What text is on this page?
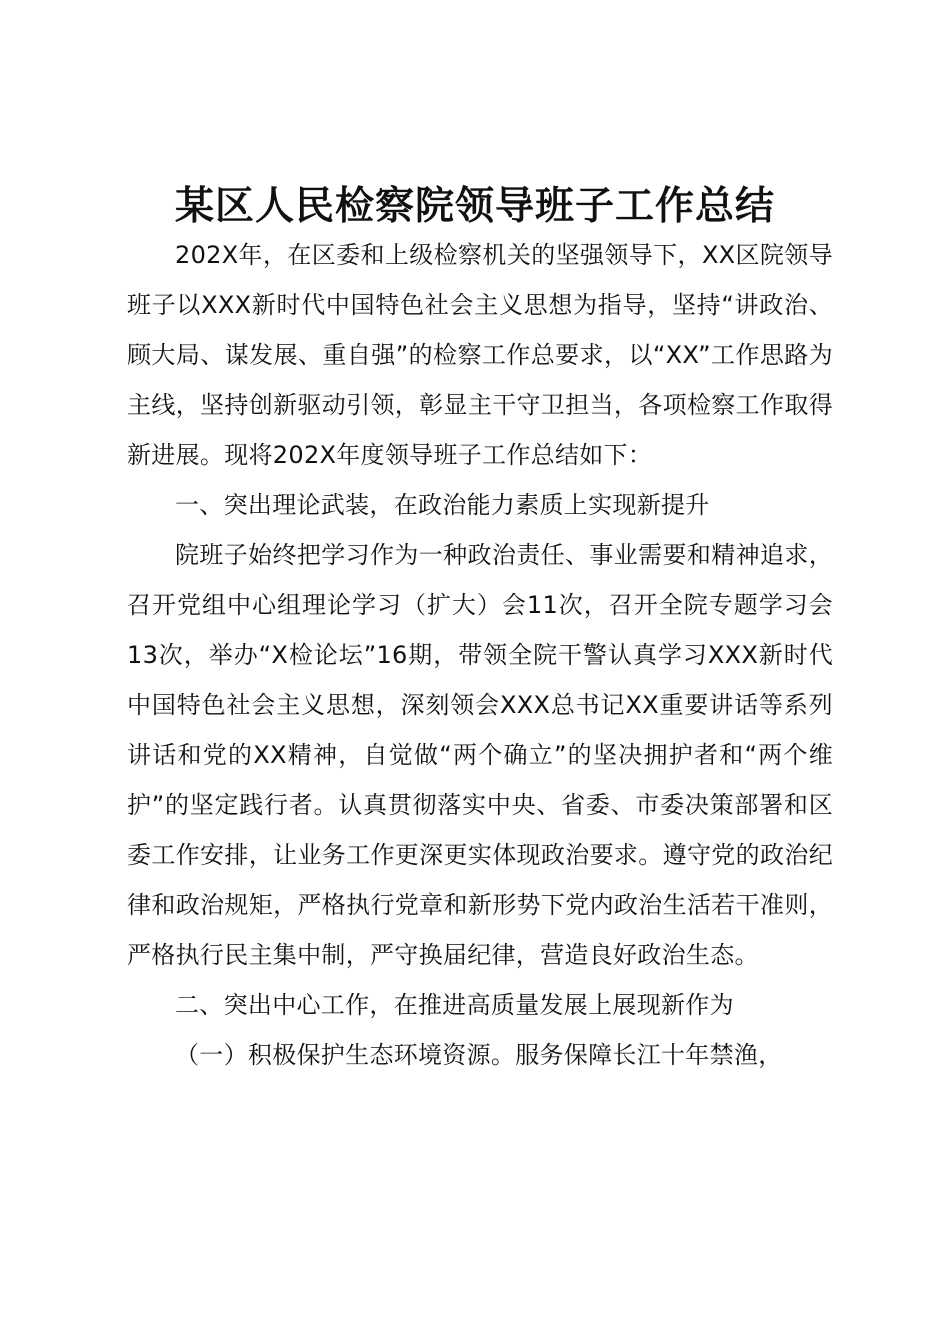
某区人民检察院领导班子工作总结

202X年，在区委和上级检察机关的坚强领导下，XX区院领导班子以XXX新时代中国特色社会主义思想为指导，坚持“讲政治、顾大局、谋发展、重自强”的检察工作总要求，以“XX”工作思路为主线，坚持创新驱动引领，彰显主干守卫担当，各项检察工作取得新进展。现将202X年度领导班子工作总结如下：

一、突出理论武装，在政治能力素质上实现新提升

院班子始终把学习作为一种政治责任、事业需要和精神追求，召开党组中心组理论学习（扩大）会11次，召开全院专题学习会13次，举办“X检论坛”16期，带领全院干警认真学习XXX新时代中国特色社会主义思想，深刻领会XXX总书记XX重要讲话等系列讲话和党的XX精神，自觉做“两个确立”的坚决拥护者和“两个维护”的坚定践行者。认真贯彻落实中央、省委、市委决策部署和区委工作安排，让业务工作更深更实体现政治要求。遵守党的政治纪律和政治规矩，严格执行党章和新形势下党内政治生活若干准则，严格执行民主集中制，严守换届纪律，营造良好政治生态。

二、突出中心工作，在推进高质量发展上展现新作为

（一）积极保护生态环境资源。服务保障长江十年禁渔，
